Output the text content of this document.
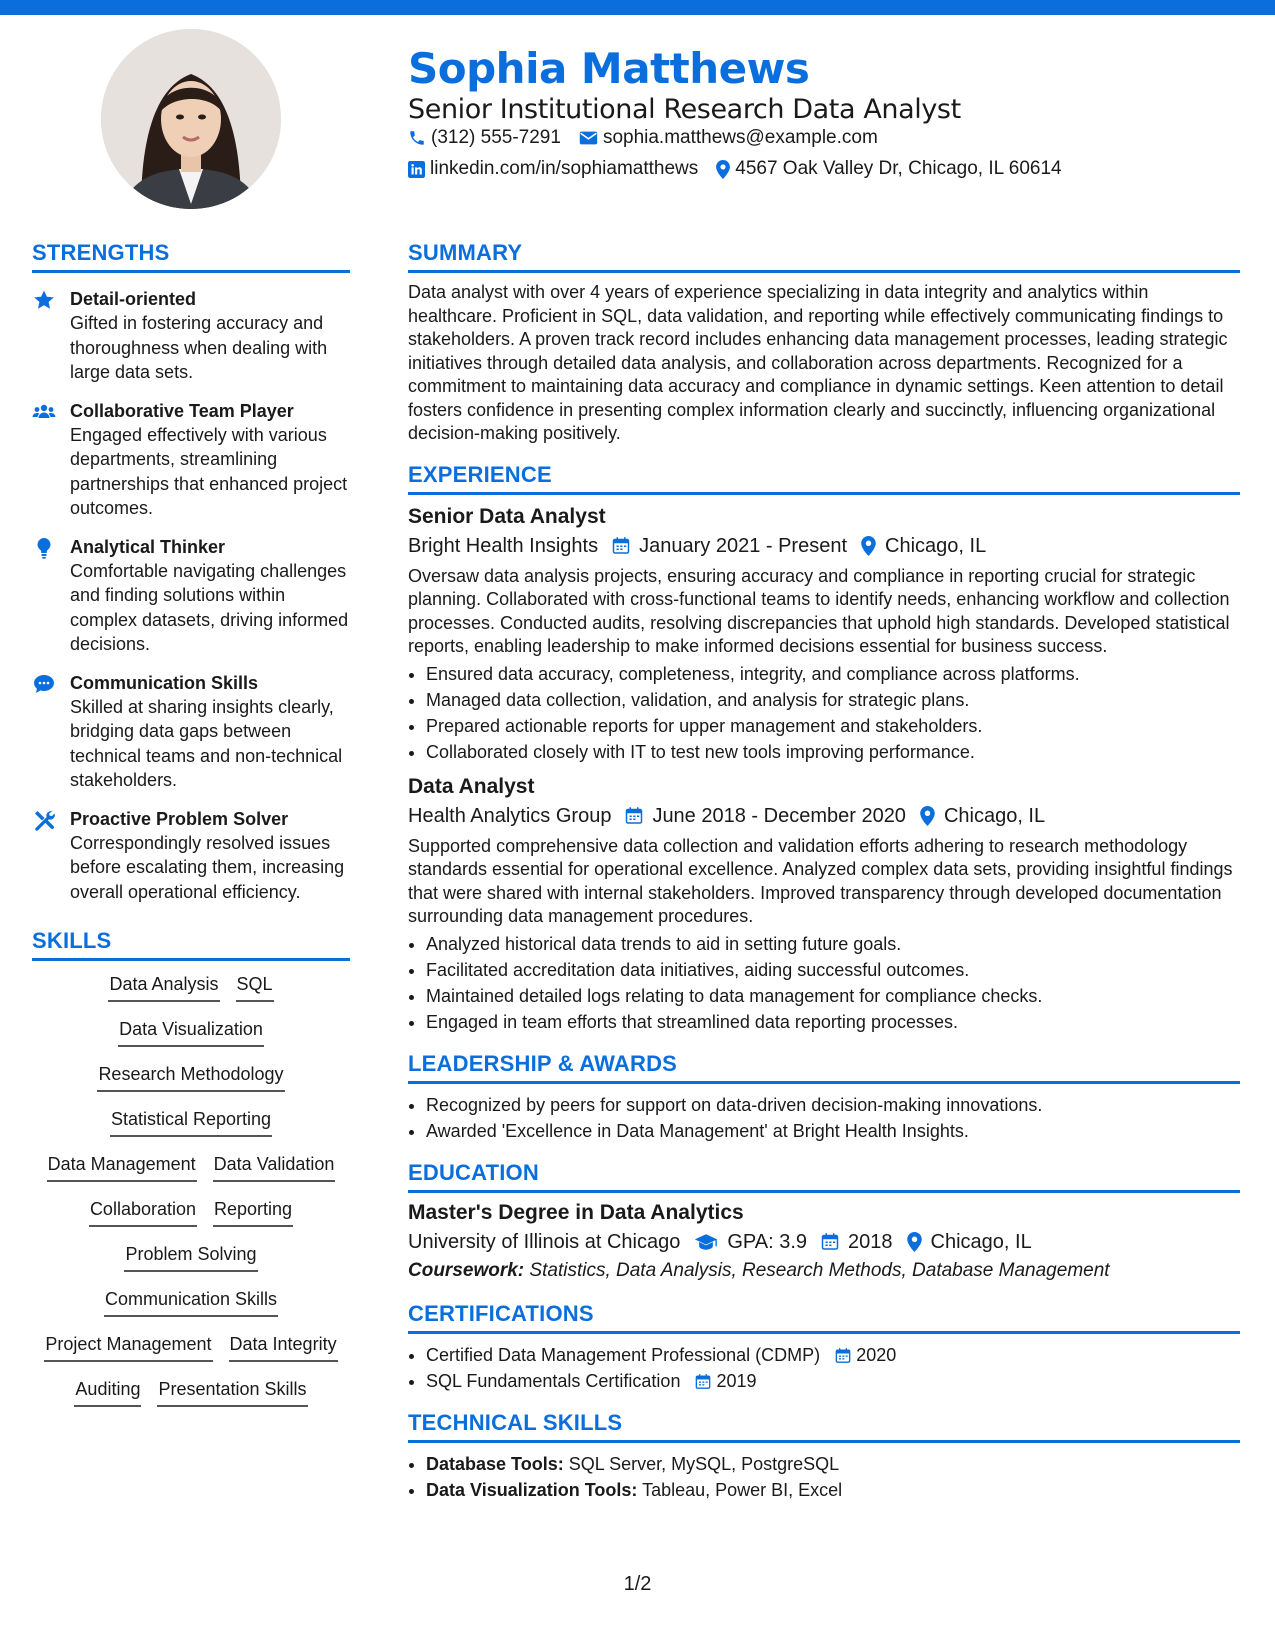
Sophia Matthews
Senior Institutional Research Data Analyst
(312) 555-7291 sophia.matthews@example.com
linkedin.com/in/sophiamatthews 4567 Oak Valley Dr, Chicago, IL 60614
STRENGTHS
Detail-oriented
Gifted in fostering accuracy and thoroughness when dealing with large data sets.
Collaborative Team Player
Engaged effectively with various departments, streamlining partnerships that enhanced project outcomes.
Analytical Thinker
Comfortable navigating challenges and finding solutions within complex datasets, driving informed decisions.
Communication Skills
Skilled at sharing insights clearly, bridging data gaps between technical teams and non-technical stakeholders.
Proactive Problem Solver
Correspondingly resolved issues before escalating them, increasing overall operational efficiency.
SKILLS
Data Analysis SQL
Data Visualization
Research Methodology
Statistical Reporting
Data Management Data Validation
Collaboration Reporting
Problem Solving
Communication Skills
Project Management Data Integrity
Auditing Presentation Skills
SUMMARY

Data analyst with over 4 years of experience specializing in data integrity and analytics within healthcare. Proficient in SQL, data validation, and reporting while effectively communicating findings to stakeholders. A proven track record includes enhancing data management processes, leading strategic initiatives through detailed data analysis, and collaboration across departments. Recognized for a commitment to maintaining data accuracy and compliance in dynamic settings. Keen attention to detail fosters confidence in presenting complex information clearly and succinctly, influencing organizational decision-making positively.

EXPERIENCE
Senior Data Analyst
Bright Health Insights January 2021 - Present Chicago, IL

Oversaw data analysis projects, ensuring accuracy and compliance in reporting crucial for strategic planning. Collaborated with cross-functional teams to identify needs, enhancing workflow and collection processes. Conducted audits, resolving discrepancies that uphold high standards. Developed statistical reports, enabling leadership to make informed decisions essential for business success.

• Ensured data accuracy, completeness, integrity, and compliance across platforms.
• Managed data collection, validation, and analysis for strategic plans.
• Prepared actionable reports for upper management and stakeholders.
• Collaborated closely with IT to test new tools improving performance.
Data Analyst
Health Analytics Group June 2018 - December 2020 Chicago, IL

Supported comprehensive data collection and validation efforts adhering to research methodology standards essential for operational excellence. Analyzed complex data sets, providing insightful findings that were shared with internal stakeholders. Improved transparency through developed documentation surrounding data management procedures.

• Analyzed historical data trends to aid in setting future goals.
• Facilitated accreditation data initiatives, aiding successful outcomes.
• Maintained detailed logs relating to data management for compliance checks.
• Engaged in team efforts that streamlined data reporting processes.
LEADERSHIP & AWARDS
• Recognized by peers for support on data-driven decision-making innovations.
• Awarded 'Excellence in Data Management' at Bright Health Insights.
EDUCATION
Master's Degree in Data Analytics
University of Illinois at Chicago GPA: 3.9 2018 Chicago, IL
Coursework: Statistics, Data Analysis, Research Methods, Database Management
CERTIFICATIONS
• Certified Data Management Professional (CDMP) 2020
• SQL Fundamentals Certification 2019
TECHNICAL SKILLS
• Database Tools: SQL Server, MySQL, PostgreSQL
• Data Visualization Tools: Tableau, Power BI, Excel
1/2
